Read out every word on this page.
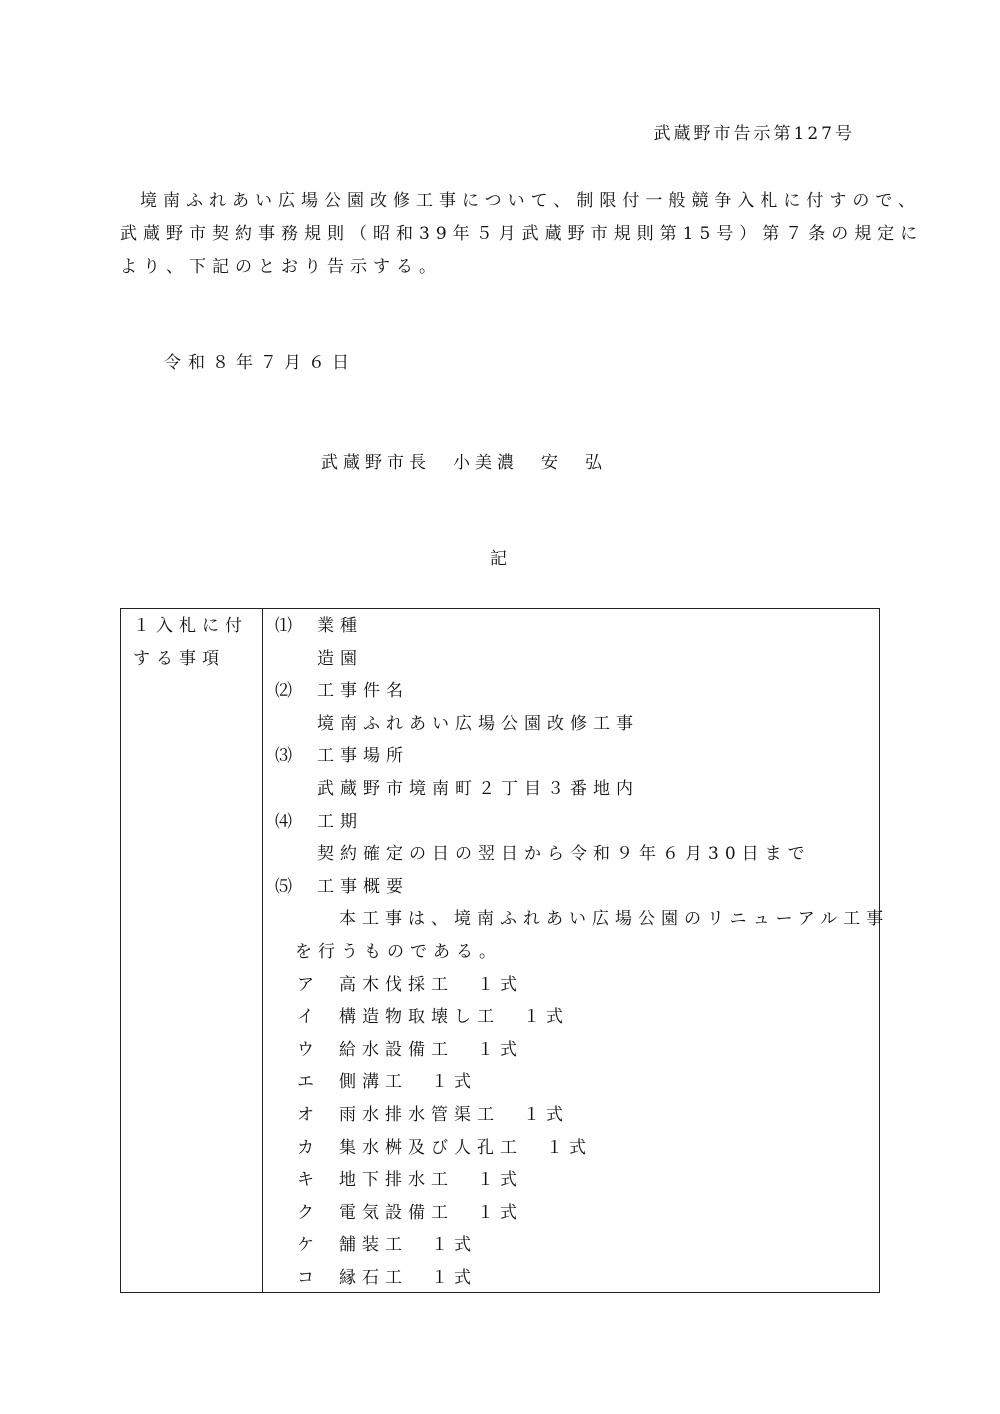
武蔵野市告示第127号
境南ふれあい広場公園改修工事について、制限付一般競争入札に付すので、
武蔵野市契約事務規則（昭和39年５月武蔵野市規則第15号）第７条の規定に
より、下記のとおり告示する。
令和８年７月６日
武蔵野市長　小美濃　安　弘
記
１入札に付
する事項
⑴ 業種
造園
⑵ 工事件名
境南ふれあい広場公園改修工事
⑶ 工事場所
武蔵野市境南町２丁目３番地内
⑷ 工期
契約確定の日の翌日から令和９年６月30日まで
⑸ 工事概要
本工事は、境南ふれあい広場公園のリニューアル工事
を行うものである。
ア 高木伐採工　１式
イ 構造物取壊し工　１式
ウ 給水設備工　１式
エ 側溝工　１式
オ 雨水排水管渠工　１式
カ 集水桝及び人孔工　１式
キ 地下排水工　１式
ク 電気設備工　１式
ケ 舗装工　１式
コ 縁石工　１式
